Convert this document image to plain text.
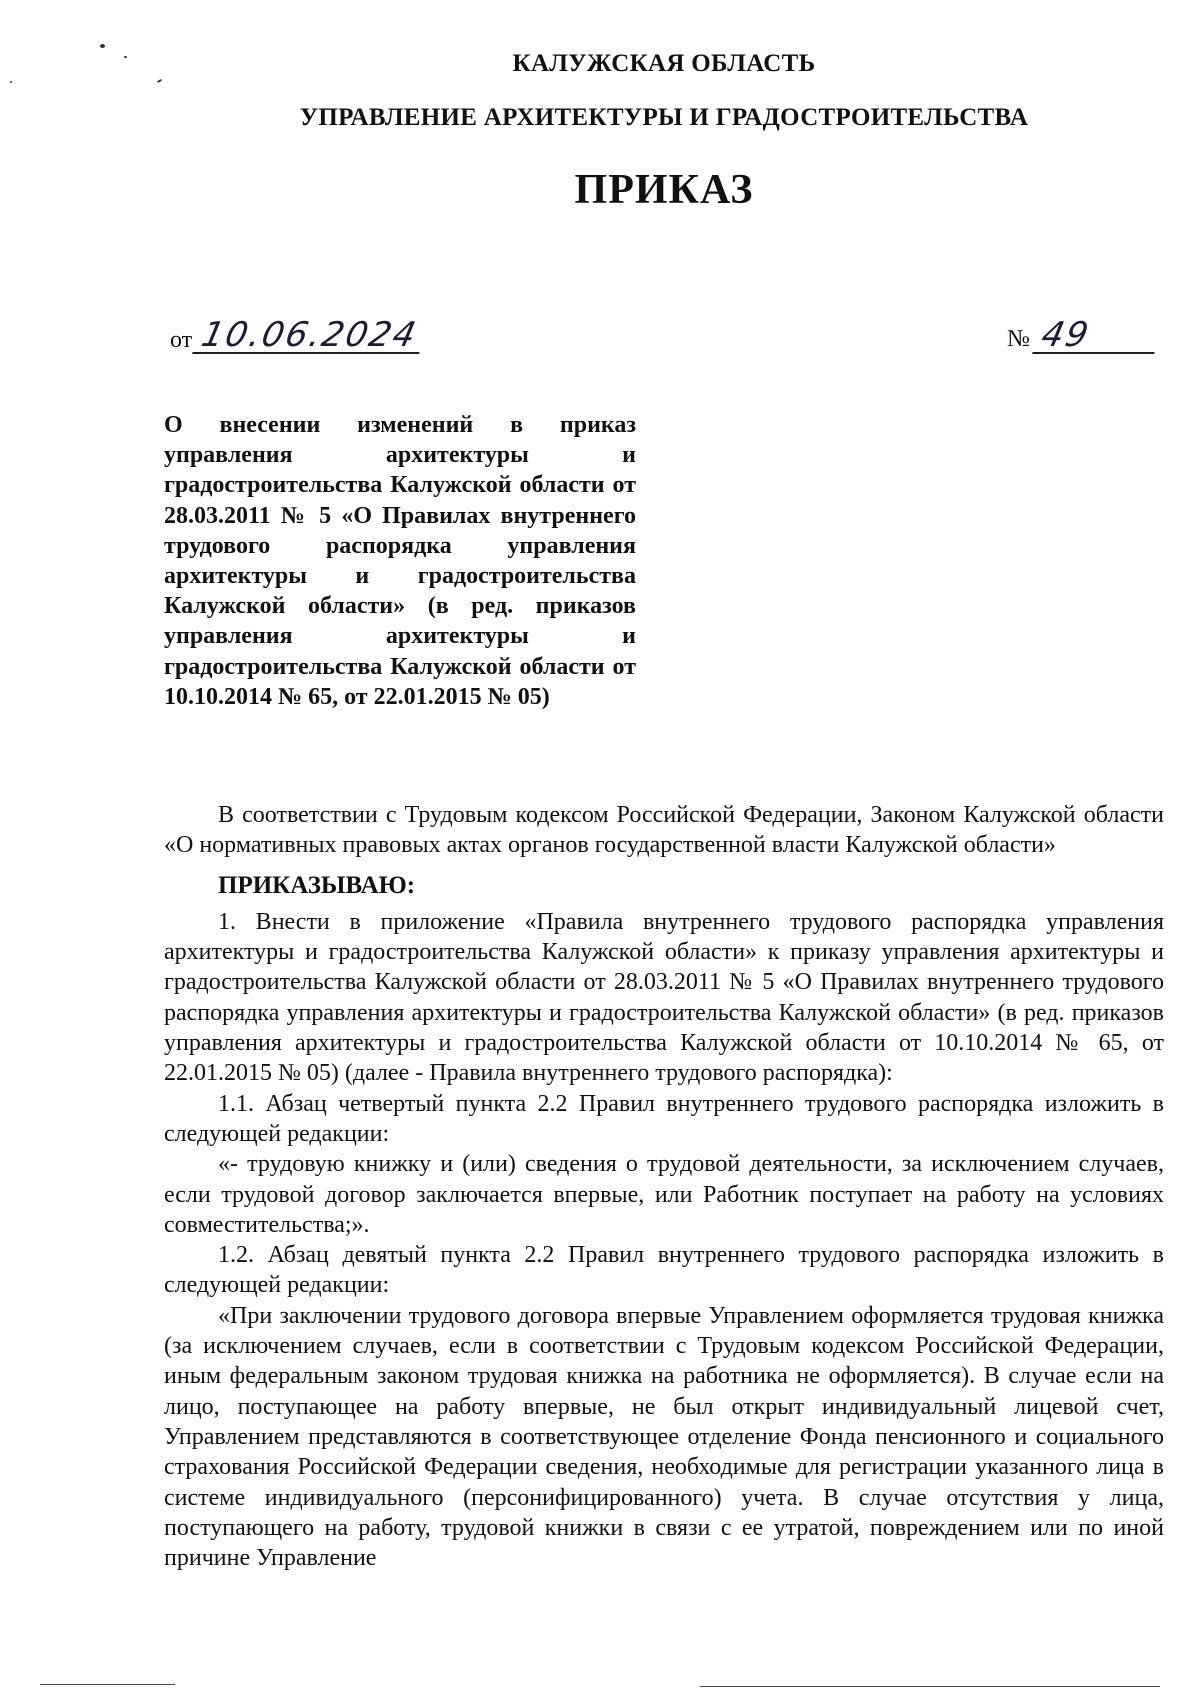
КАЛУЖСКАЯ ОБЛАСТЬ
УПРАВЛЕНИЕ АРХИТЕКТУРЫ И ГРАДОСТРОИТЕЛЬСТВА
ПРИКАЗ
от 10.06.2024	№ 49

О внесении изменений в приказ управления архитектуры и градостроительства Калужской области от 28.03.2011 № 5 «О Правилах внутреннего трудового распорядка управления архитектуры и градостроительства Калужской области» (в ред. приказов управления архитектуры и градостроительства Калужской области от 10.10.2014 № 65, от 22.01.2015 № 05)

В соответствии с Трудовым кодексом Российской Федерации, Законом Калужской области «О нормативных правовых актах органов государственной власти Калужской области»

ПРИКАЗЫВАЮ:

1. Внести в приложение «Правила внутреннего трудового распорядка управления архитектуры и градостроительства Калужской области» к приказу управления архитектуры и градостроительства Калужской области от 28.03.2011 № 5 «О Правилах внутреннего трудового распорядка управления архитектуры и градостроительства Калужской области» (в ред. приказов управления архитектуры и градостроительства Калужской области от 10.10.2014 № 65, от 22.01.2015 № 05) (далее - Правила внутреннего трудового распорядка):

1.1. Абзац четвертый пункта 2.2 Правил внутреннего трудового распорядка изложить в следующей редакции:

«- трудовую книжку и (или) сведения о трудовой деятельности, за исключением случаев, если трудовой договор заключается впервые, или Работник поступает на работу на условиях совместительства;».

1.2. Абзац девятый пункта 2.2 Правил внутреннего трудового распорядка изложить в следующей редакции:

«При заключении трудового договора впервые Управлением оформляется трудовая книжка (за исключением случаев, если в соответствии с Трудовым кодексом Российской Федерации, иным федеральным законом трудовая книжка на работника не оформляется). В случае если на лицо, поступающее на работу впервые, не был открыт индивидуальный лицевой счет, Управлением представляются в соответствующее отделение Фонда пенсионного и социального страхования Российской Федерации сведения, необходимые для регистрации указанного лица в системе индивидуального (персонифицированного) учета. В случае отсутствия у лица, поступающего на работу, трудовой книжки в связи с ее утратой, повреждением или по иной причине Управление
